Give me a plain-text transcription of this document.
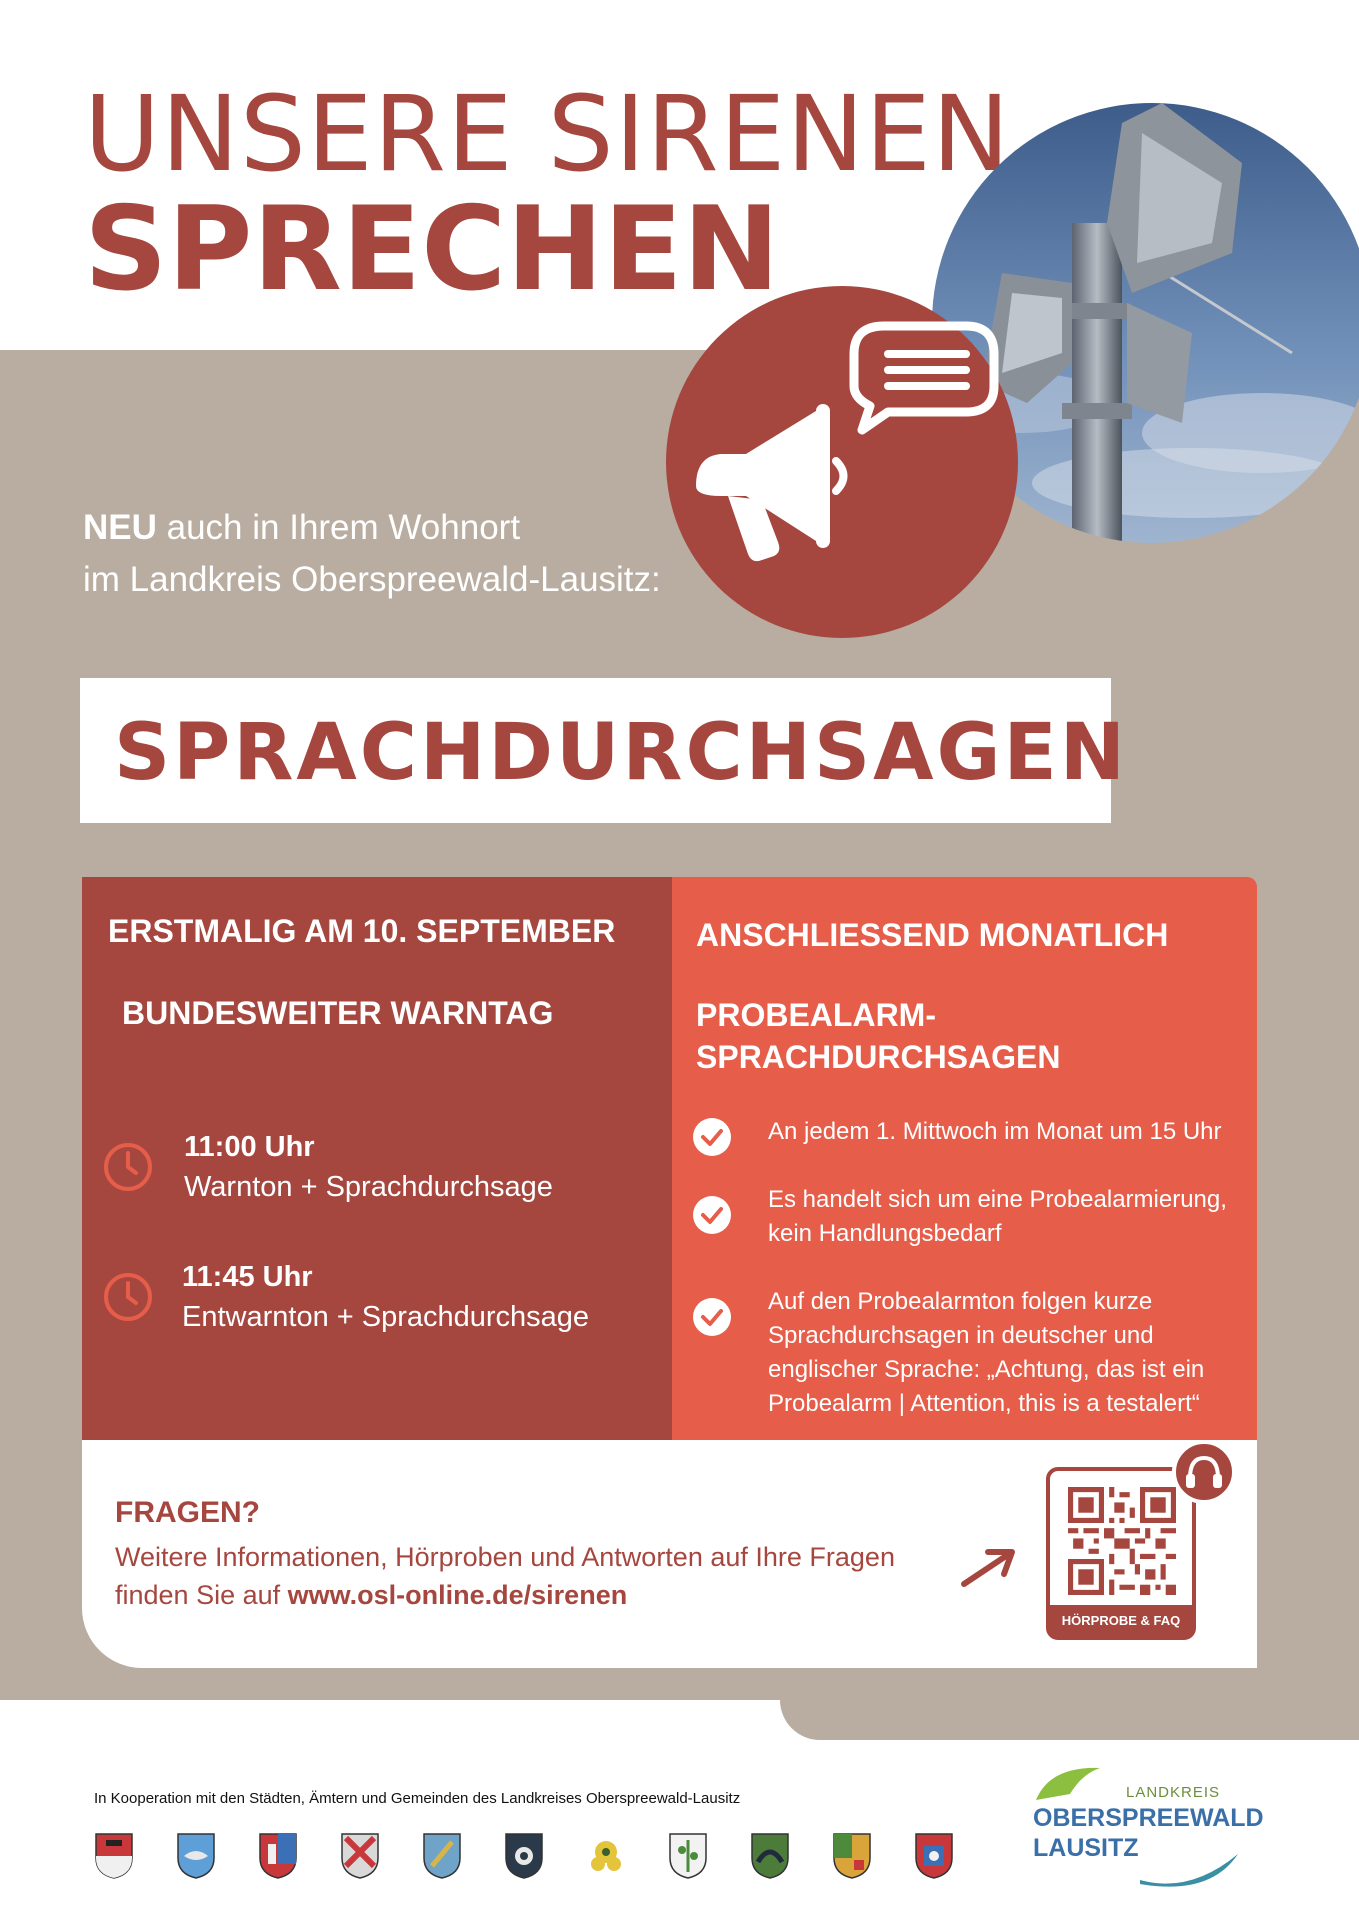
UNSERE SIRENEN
SPRECHEN
NEU auch in Ihrem Wohnort
im Landkreis Oberspreewald-Lausitz:
SPRACHDURCHSAGEN
ERSTMALIG AM 10. SEPTEMBER
BUNDESWEITER WARNTAG
11:00 Uhr
Warnton + Sprachdurchsage
11:45 Uhr
Entwarnton + Sprachdurchsage
ANSCHLIESSEND MONATLICH
PROBEALARM-
SPRACHDURCHSAGEN
An jedem 1. Mittwoch im Monat um 15 Uhr
Es handelt sich um eine Probealarmierung, kein Handlungsbedarf
Auf den Probealarmton folgen kurze Sprachdurchsagen in deutscher und englischer Sprache: „Achtung, das ist ein Probealarm | Attention, this is a testalert“
FRAGEN?
Weitere Informationen, Hörproben und Antworten auf Ihre Fragen
finden Sie auf www.osl-online.de/sirenen
HÖRPROBE & FAQ
In Kooperation mit den Städten, Ämtern und Gemeinden des Landkreises Oberspreewald-Lausitz	LANDKREIS
OBERSPREEWALD
LAUSITZ
